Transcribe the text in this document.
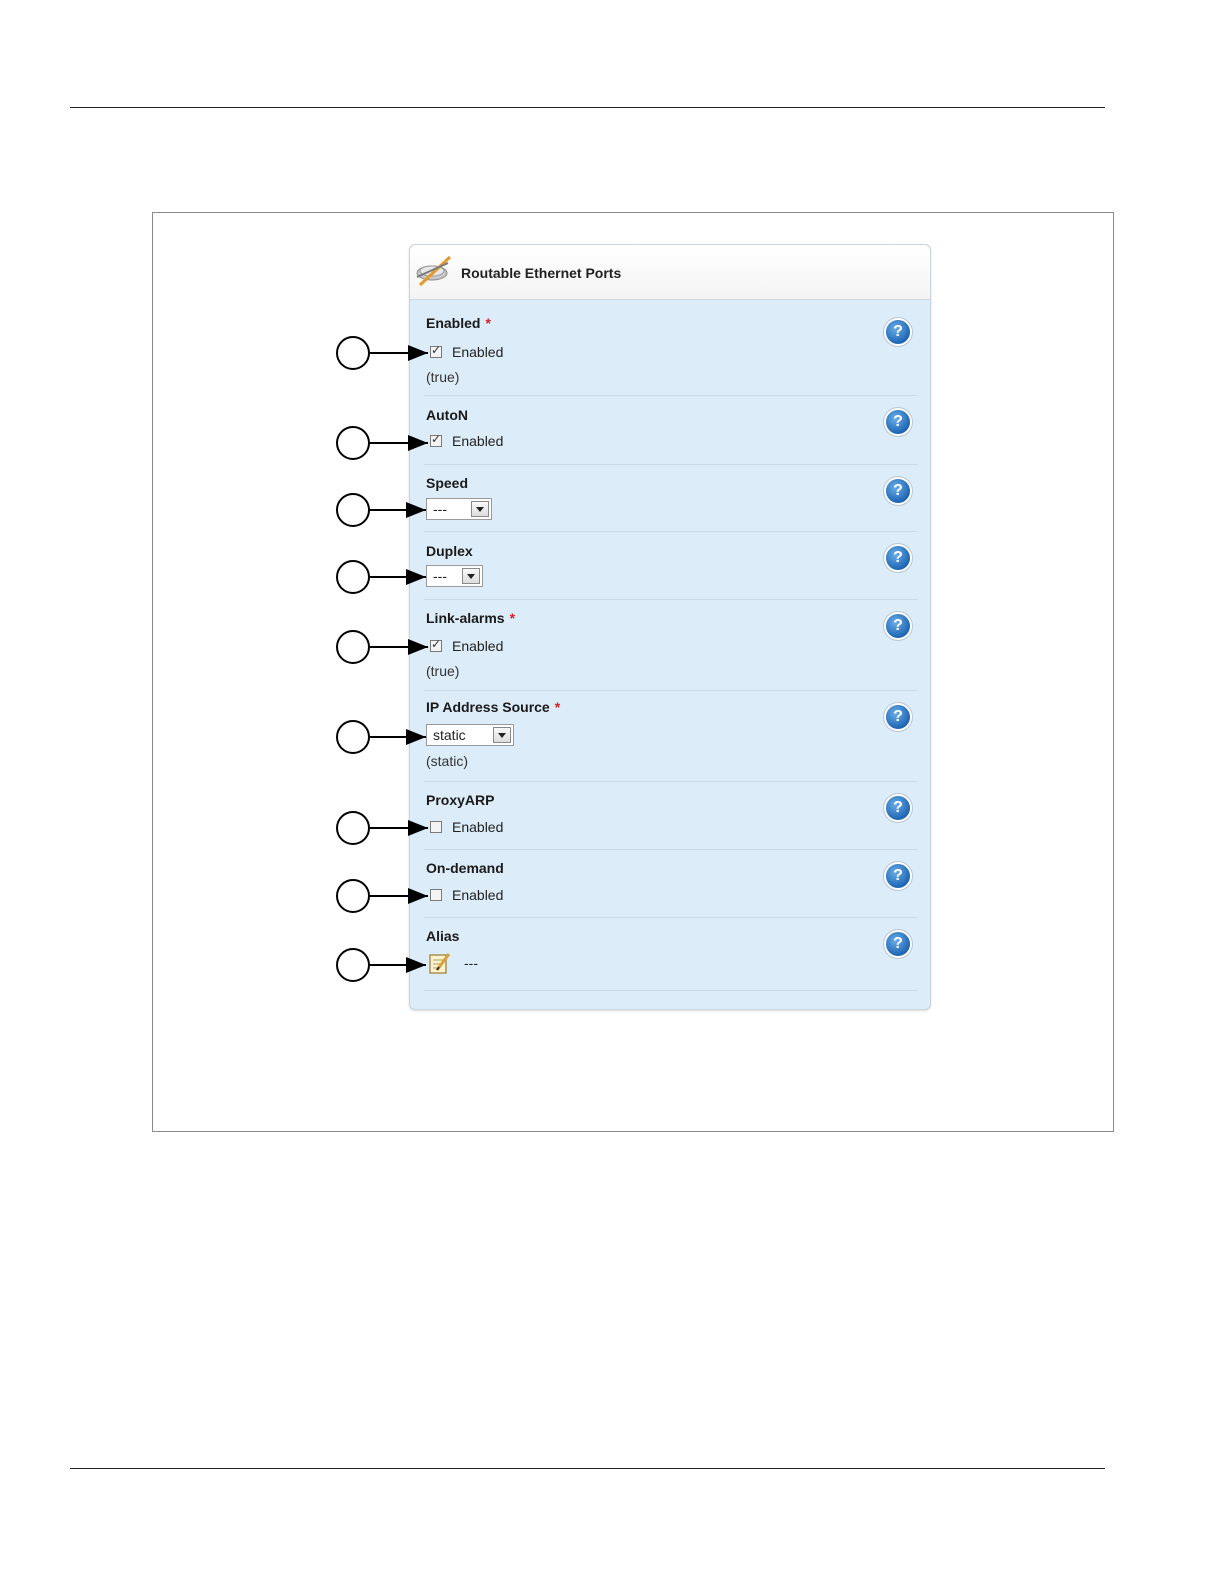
Routable Ethernet Ports
Enabled *	?
✓
Enabled
(true)
AutoN	?
✓
Enabled
Speed	?
---
Duplex	?
---
Link-alarms *	?
✓
Enabled
(true)
IP Address Source *
?
static
(static)
ProxyARP	?
Enabled
On-demand	?
Enabled
Alias	?
---
